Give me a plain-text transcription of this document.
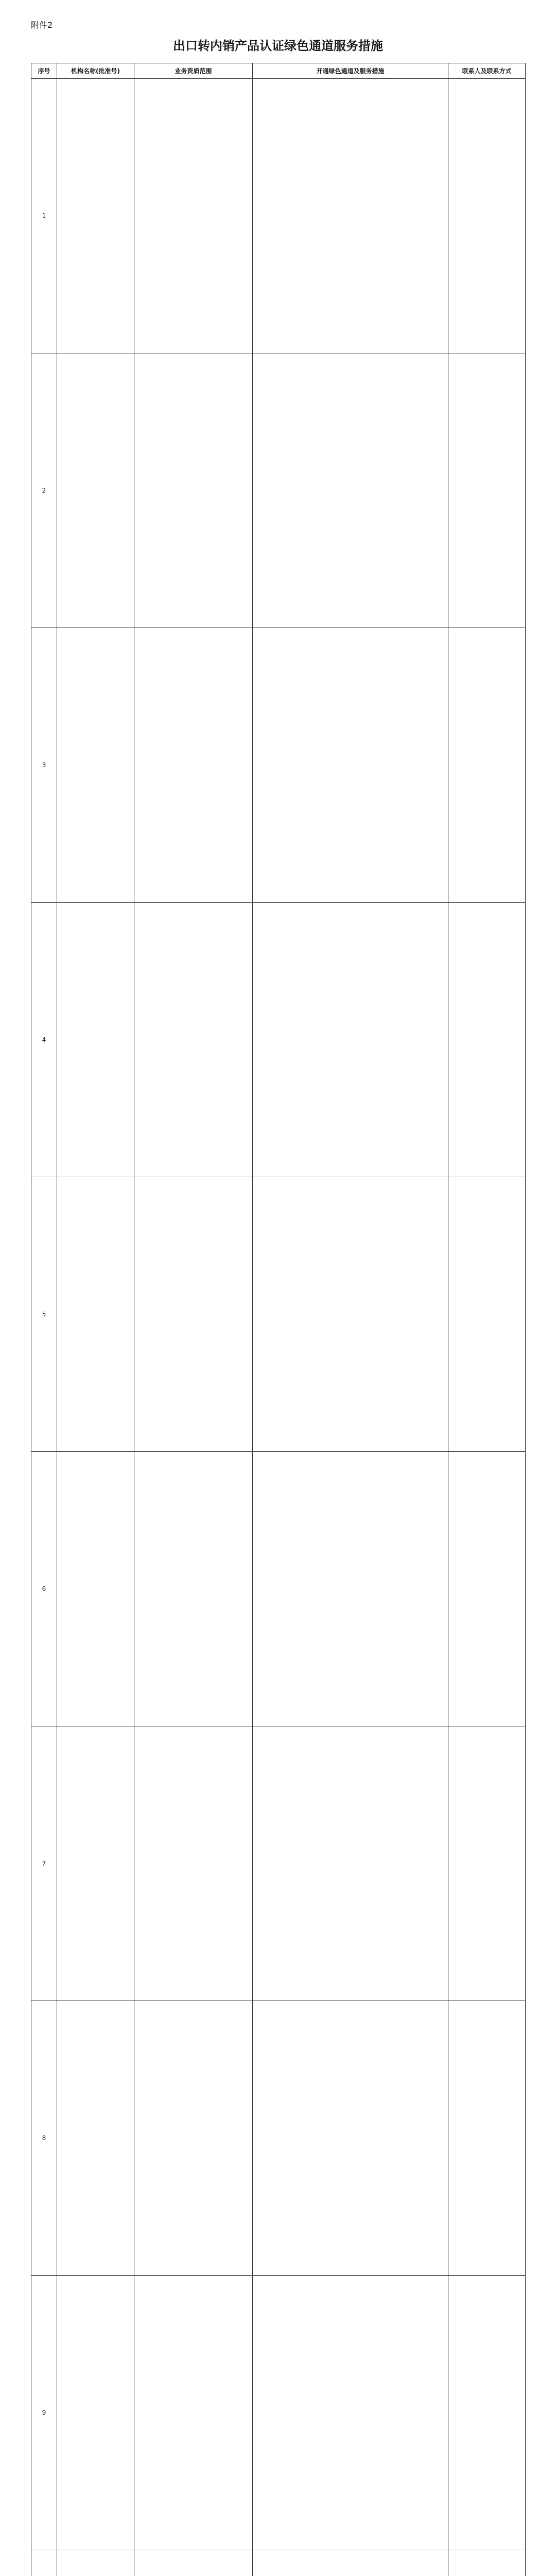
附件2
出口转内销产品认证绿色通道服务措施
序号	机构名称(批准号)	业务资质范围	开通绿色通道及服务措施	联系人及联系方式
1				
2				
3				
4				
5				
6				
7				
8				
9				
